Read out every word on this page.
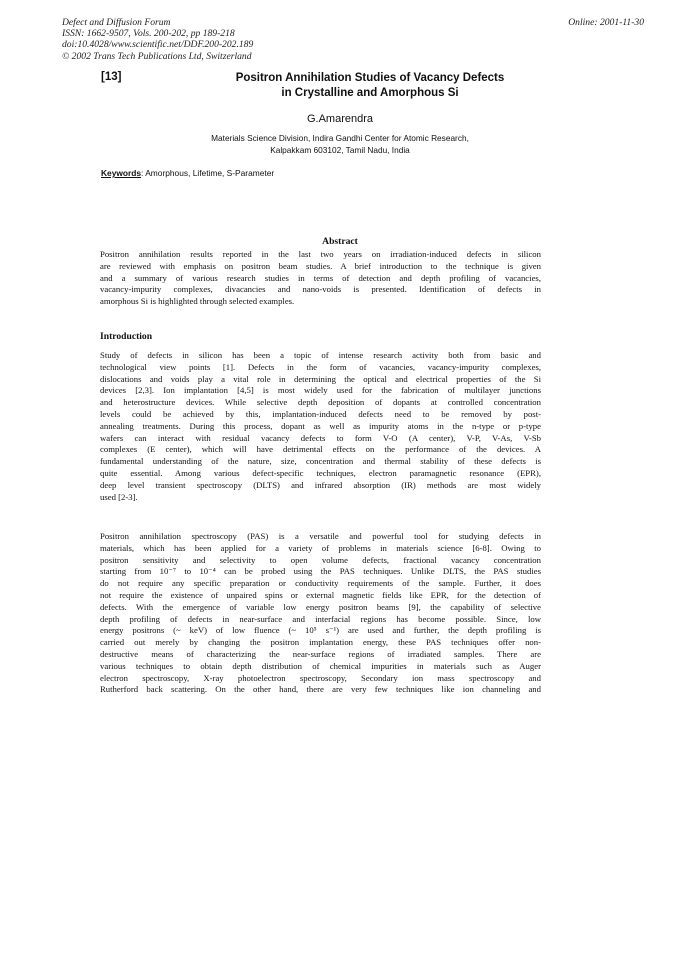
Defect and Diffusion Forum
ISSN: 1662-9507, Vols. 200-202, pp 189-218
doi:10.4028/www.scientific.net/DDF.200-202.189
© 2002 Trans Tech Publications Ltd, Switzerland
Online: 2001-11-30
[13]	Positron Annihilation Studies of Vacancy Defects
in Crystalline and Amorphous Si
G.Amarendra
Materials Science Division, Indira Gandhi Center for Atomic Research,
Kalpakkam 603102, Tamil Nadu, India
Keywords: Amorphous, Lifetime, S-Parameter
Abstract
Positron annihilation results reported in the last two years on irradiation-induced defects in silicon
are reviewed with emphasis on positron beam studies. A brief introduction to the technique is given
and a summary of various research studies in terms of detection and depth profiling of vacancies,
vacancy-impurity complexes, divacancies and nano-voids is presented. Identification of defects in
amorphous Si is highlighted through selected examples.
Introduction
Study of defects in silicon has been a topic of intense research activity both from basic and
technological view points [1]. Defects in the form of vacancies, vacancy-impurity complexes,
dislocations and voids play a vital role in determining the optical and electrical properties of the Si
devices [2,3]. Ion implantation [4,5] is most widely used for the fabrication of multilayer junctions
and heterostructure devices. While selective depth deposition of dopants at controlled concentration
levels could be achieved by this, implantation-induced defects need to be removed by post-
annealing treatments. During this process, dopant as well as impurity atoms in the n-type or p-type
wafers can interact with residual vacancy defects to form V-O (A center), V-P, V-As, V-Sb
complexes (E center), which will have detrimental effects on the performance of the devices. A
fundamental understanding of the nature, size, concentration and thermal stability of these defects is
quite essential. Among various defect-specific techniques, electron paramagnetic resonance (EPR),
deep level transient spectroscopy (DLTS) and infrared absorption (IR) methods are most widely
used [2-3].
Positron annihilation spectroscopy (PAS) is a versatile and powerful tool for studying defects in
materials, which has been applied for a variety of problems in materials science [6-8]. Owing to
positron sensitivity and selectivity to open volume defects, fractional vacancy concentration
starting from 10⁻⁷ to 10⁻⁴ can be probed using the PAS techniques. Unlike DLTS, the PAS studies
do not require any specific preparation or conductivity requirements of the sample. Further, it does
not require the existence of unpaired spins or external magnetic fields like EPR, for the detection of
defects. With the emergence of variable low energy positron beams [9], the capability of selective
depth profiling of defects in near-surface and interfacial regions has become possible. Since, low
energy positrons (~ keV) of low fluence (~ 10⁵ s⁻¹) are used and further, the depth profiling is
carried out merely by changing the positron implantation energy, these PAS techniques offer non-
destructive means of characterizing the near-surface regions of irradiated samples. There are
various techniques to obtain depth distribution of chemical impurities in materials such as Auger
electron spectroscopy, X-ray photoelectron spectroscopy, Secondary ion mass spectroscopy and
Rutherford back scattering. On the other hand, there are very few techniques like ion channeling and
